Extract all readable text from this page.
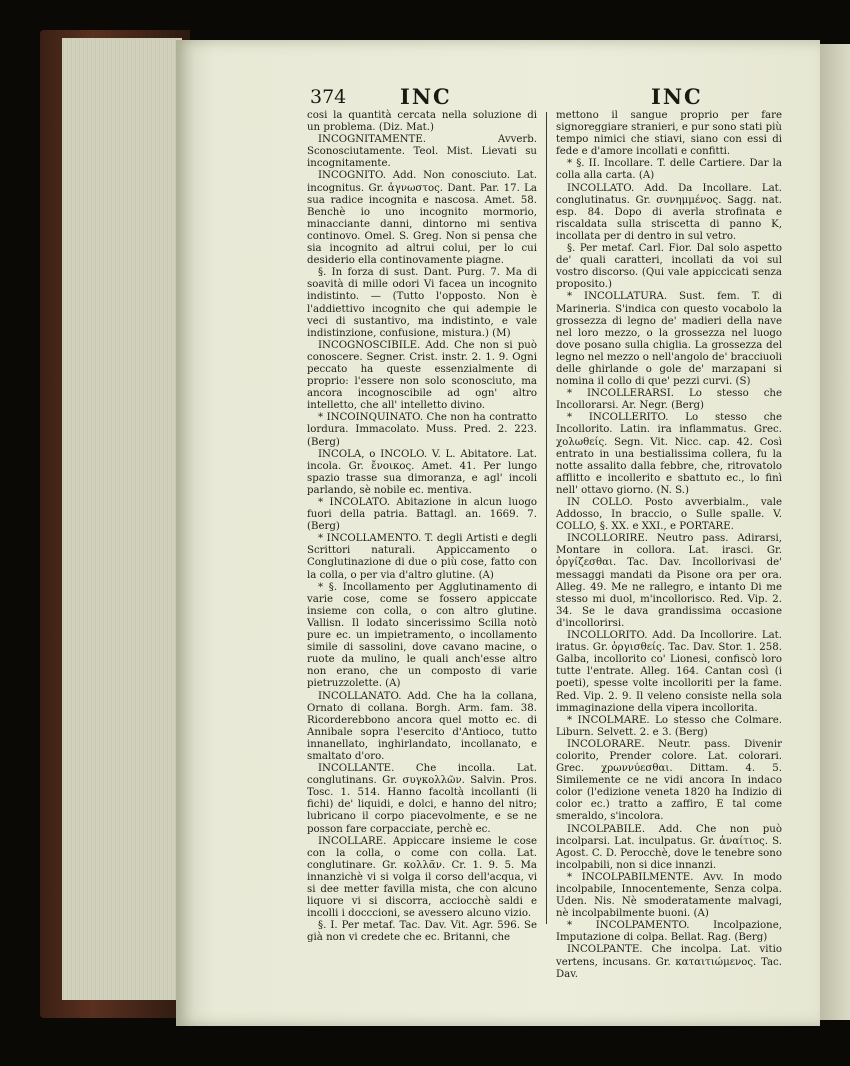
374	INC	INC

cosi la quantità cercata nella soluzione di un problema. (Diz. Mat.)

INCOGNITAMENTE. Avverb. Sconosciutamente. Teol. Mist. Lievati su incognitamente.

INCOGNITO. Add. Non conosciuto. Lat. incognitus. Gr. ἀγνωστος. Dant. Par. 17. La sua radice incognita e nascosa. Amet. 58. Benchè io uno incognito mormorio, minacciante danni, dintorno mi sentiva continovo. Omel. S. Greg. Non si pensa che sia incognito ad altrui colui, per lo cui desiderio ella continovamente piagne.

§. In forza di sust. Dant. Purg. 7. Ma di soavità di mille odori Vi facea un incognito indistinto. — (Tutto l'opposto. Non è l'addiettivo incognito che qui adempie le veci di sustantivo, ma indistinto, e vale indistinzione, confusione, mistura.) (M)

INCOGNOSCIBILE. Add. Che non si può conoscere. Segner. Crist. instr. 2. 1. 9. Ogni peccato ha queste essenzialmente di proprio: l'essere non solo sconosciuto, ma ancora incognoscibile ad ogn' altro intelletto, che all' intelletto divino.

* INCOINQUINATO. Che non ha contratto lordura. Immacolato. Muss. Pred. 2. 223. (Berg)

INCOLA, o INCOLO. V. L. Abitatore. Lat. incola. Gr. ἔνοικος. Amet. 41. Per lungo spazio trasse sua dimoranza, e agl' incoli parlando, sè nobile ec. mentiva.

* INCOLATO. Abitazione in alcun luogo fuori della patria. Battagl. an. 1669. 7. (Berg)

* INCOLLAMENTO. T. degli Artisti e degli Scrittori naturali. Appiccamento o Conglutinazione di due o più cose, fatto con la colla, o per via d'altro glutine. (A)

* §. Incollamento per Agglutinamento di varie cose, come se fossero appiccate insieme con colla, o con altro glutine. Vallisn. Il lodato sincerissimo Scilla notò pure ec. un impietramento, o incollamento simile di sassolini, dove cavano macine, o ruote da mulino, le quali anch'esse altro non erano, che un composto di varie pietruzzolette. (A)

INCOLLANATO. Add. Che ha la collana, Ornato di collana. Borgh. Arm. fam. 38. Ricorderebbono ancora quel motto ec. di Annibale sopra l'esercito d'Antioco, tutto innanellato, inghirlandato, incollanato, e smaltato d'oro.

INCOLLANTE. Che incolla. Lat. conglutinans. Gr. συγκολλῶν. Salvin. Pros. Tosc. 1. 514. Hanno facoltà incollanti (li fichi) de' liquidi, e dolci, e hanno del nitro; lubricano il corpo piacevolmente, e se ne posson fare corpacciate, perchè ec.

INCOLLARE. Appiccare insieme le cose con la colla, o come con colla. Lat. conglutinare. Gr. κολλᾶν. Cr. 1. 9. 5. Ma innanzichè vi si volga il corso dell'acqua, vi si dee metter favilla mista, che con alcuno liquore vi si discorra, acciocchè saldi e incolli i docccioni, se avessero alcuno vizio.

§. I. Per metaf. Tac. Dav. Vit. Agr. 596. Se già non vi credete che ec. Britanni, che

mettono il sangue proprio per fare signoreggiare stranieri, e pur sono stati più tempo nimici che stiavi, siano con essi di fede e d'amore incollati e confitti.

* §. II. Incollare. T. delle Cartiere. Dar la colla alla carta. (A)

INCOLLATO. Add. Da Incollare. Lat. conglutinatus. Gr. συνημμένος. Sagg. nat. esp. 84. Dopo di averla strofinata e riscaldata sulla striscetta di panno K, incollata per di dentro in sul vetro.

§. Per metaf. Carl. Fior. Dal solo aspetto de' quali caratteri, incollati da voi sul vostro discorso. (Qui vale appiccicati senza proposito.)

* INCOLLATURA. Sust. fem. T. di Marineria. S'indica con questo vocabolo la grossezza di legno de' madieri della nave nel loro mezzo, o la grossezza nel luogo dove posano sulla chiglia. La grossezza del legno nel mezzo o nell'angolo de' bracciuoli delle ghirlande o gole de' marzapani si nomina il collo di que' pezzi curvi. (S)

* INCOLLERARSI. Lo stesso che Incollorarsi. Ar. Negr. (Berg)

* INCOLLERITO. Lo stesso che Incollorito. Latin. ira inflammatus. Grec. χολωθείς. Segn. Vit. Nicc. cap. 42. Così entrato in una bestialissima collera, fu la notte assalito dalla febbre, che, ritrovatolo afflitto e incollerito e sbattuto ec., lo finì nell' ottavo giorno. (N. S.)

IN COLLO. Posto avverbialm., vale Addosso, In braccio, o Sulle spalle. V. COLLO, §. XX. e XXI., e PORTARE.

INCOLLORIRE. Neutro pass. Adirarsi, Montare in collora. Lat. irasci. Gr. ὀργίζεσθαι. Tac. Dav. Incollorivasi de' messaggi mandati da Pisone ora per ora. Alleg. 49. Me ne rallegro, e intanto Di me stesso mi duol, m'incollorisco. Red. Vip. 2. 34. Se le dava grandissima occasione d'incollorirsi.

INCOLLORITO. Add. Da Incollorire. Lat. iratus. Gr. ὀργισθείς. Tac. Dav. Stor. 1. 258. Galba, incollorito co' Lionesi, confiscò loro tutte l'entrate. Alleg. 164. Cantan così (i poeti), spesse volte incolloriti per la fame. Red. Vip. 2. 9. Il veleno consiste nella sola immaginazione della vipera incollorita.

* INCOLMARE. Lo stesso che Colmare. Liburn. Selvett. 2. e 3. (Berg)

INCOLORARE. Neutr. pass. Divenir colorito, Prender colore. Lat. colorari. Grec. χρωννύεσθαι. Dittam. 4. 5. Similemente ce ne vidi ancora In indaco color (l'edizione veneta 1820 ha Indizio di color ec.) tratto a zaffiro, E tal come smeraldo, s'incolora.

INCOLPABILE. Add. Che non può incolparsi. Lat. inculpatus. Gr. ἀναίτιος. S. Agost. C. D. Perocchè, dove le tenebre sono incolpabili, non si dice innanzi.

* INCOLPABILMENTE. Avv. In modo incolpabile, Innocentemente, Senza colpa. Uden. Nis. Nè smoderatamente malvagi, nè incolpabilmente buoni. (A)

* INCOLPAMENTO. Incolpazione, Imputazione di colpa. Bellat. Rag. (Berg)

INCOLPANTE. Che incolpa. Lat. vitio vertens, incusans. Gr. καταιτιώμενος. Tac. Dav.
